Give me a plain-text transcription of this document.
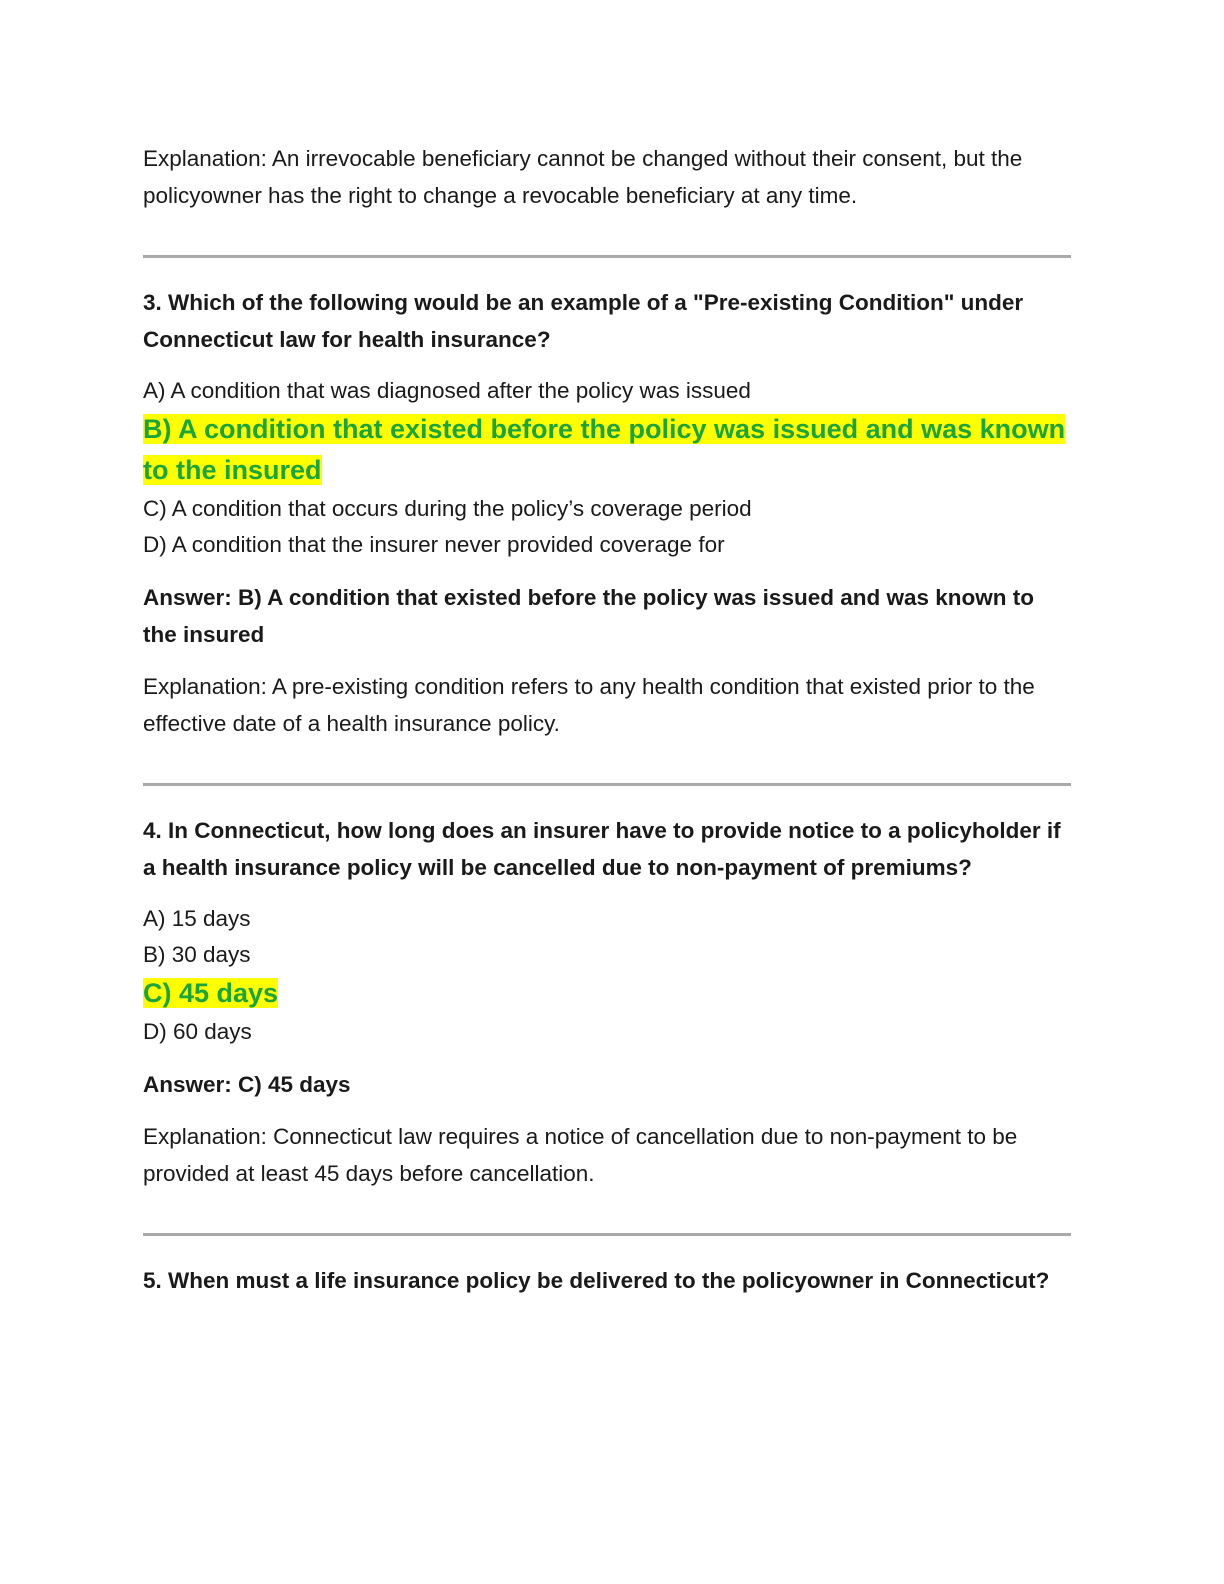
Explanation: An irrevocable beneficiary cannot be changed without their consent, but the policyowner has the right to change a revocable beneficiary at any time.

3. Which of the following would be an example of a "Pre-existing Condition" under Connecticut law for health insurance?

A) A condition that was diagnosed after the policy was issued

B) A condition that existed before the policy was issued and was known to the insured

C) A condition that occurs during the policy’s coverage period

D) A condition that the insurer never provided coverage for

Answer: B) A condition that existed before the policy was issued and was known to the insured

Explanation: A pre-existing condition refers to any health condition that existed prior to the effective date of a health insurance policy.

4. In Connecticut, how long does an insurer have to provide notice to a policyholder if a health insurance policy will be cancelled due to non-payment of premiums?

A) 15 days

B) 30 days

C) 45 days

D) 60 days

Answer: C) 45 days

Explanation: Connecticut law requires a notice of cancellation due to non-payment to be provided at least 45 days before cancellation.

5. When must a life insurance policy be delivered to the policyowner in Connecticut?
